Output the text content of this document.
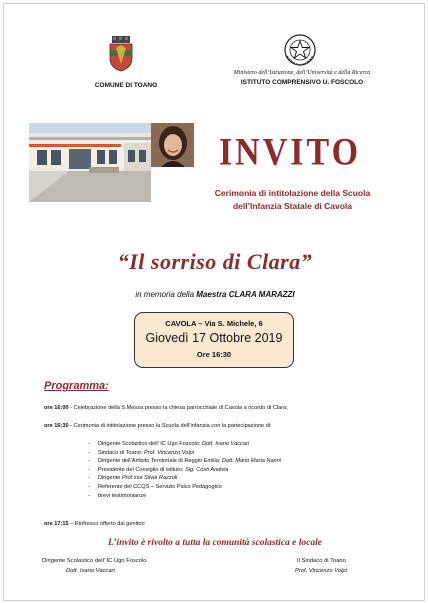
COMUNE DI TOANO
Ministero dell’Istruzione, dell’Università e della Ricerca
ISTITUTO COMPRENSIVO U. FOSCOLO
INVITO
Cerimonia di intitolazione della Scuola
dell’Infanzia Statale di Cavola
“Il sorriso di Clara”
in memoria della Maestra CLARA MARAZZI
CAVOLA – Via S. Michele, 6
Giovedì 17 Ottobre 2019
Ore 16:30
Programma:
ore 16:00 - Celebrazione della S.Messa presso la chiesa parrocchiale di Cavola a ricordo di Clara;
ore 16:30 - Cerimonia di intitolazione presso la Scuola dell’infanzia con la partecipazione di:
-	Dirigente Scolastico dell’ IC Ugo Foscolo: Dott. Ivano Vaccari
-	Sindaco di Toano: Prof. Vincenzo Volpi
-	Dirigente dell’Ambito Territoriale di Reggio Emilia: Dott. Mario Maria Nanni
-	Presidente del Consiglio di istituto: Sig. Costi Andrea
-	Dirigente Prof.ssa Silvia Razzoli
-	Referente del CCQS – Servizio Psico Pedagogico
-	brevi testimonianze
ore 17:15 – Rinfresco offerto dai genitori
L’invito è rivolto a tutta la comunità scolastica e locale
Dirigente Scolastico dell’ IC Ugo Foscolo
Dott. Ivano Vaccari
Il Sindaco di Toano
Prof. Vincenzo Volpi
